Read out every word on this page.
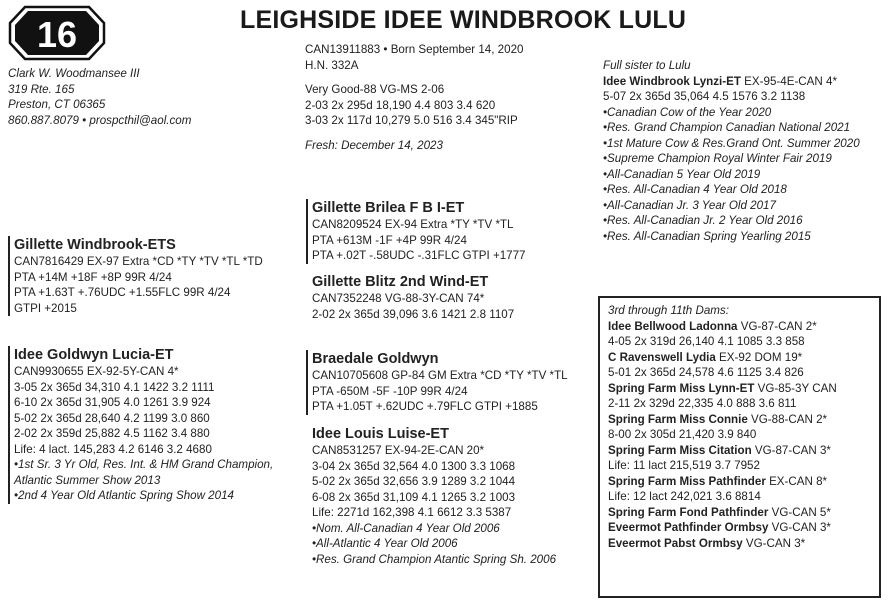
16	LEIGHSIDE IDEE WINDBROOK LULU
Clark W. Woodmansee III
319 Rte. 165
Preston, CT 06365
860.887.8079 • prospcthil@aol.com
CAN13911883 • Born September 14, 2020
H.N. 332A
Very Good-88 VG-MS 2-06
2-03 2x 295d 18,190 4.4 803 3.4 620
3-03 2x 117d 10,279 5.0 516 3.4 345"RIP
Fresh: December 14, 2023
Full sister to Lulu
Idee Windbrook Lynzi-ET EX-95-4E-CAN 4*
5-07 2x 365d 35,064 4.5 1576 3.2 1138
•Canadian Cow of the Year 2020
•Res. Grand Champion Canadian National 2021
•1st Mature Cow & Res.Grand Ont. Summer 2020
•Supreme Champion Royal Winter Fair 2019
•All-Canadian 5 Year Old 2019
•Res. All-Canadian 4 Year Old 2018
•All-Canadian Jr. 3 Year Old 2017
•Res. All-Canadian Jr. 2 Year Old 2016
•Res. All-Canadian Spring Yearling 2015
Gillette Windbrook-ETS
CAN7816429 EX-97 Extra *CD *TY *TV *TL *TD
PTA +14M +18F +8P 99R 4/24
PTA +1.63T +.76UDC +1.55FLC 99R 4/24
GTPI +2015
Gillette Brilea F B I-ET
CAN8209524 EX-94 Extra *TY *TV *TL
PTA +613M -1F +4P 99R 4/24
PTA +.02T -.58UDC -.31FLC GTPI +1777
Gillette Blitz 2nd Wind-ET
CAN7352248 VG-88-3Y-CAN 74*
2-02 2x 365d 39,096 3.6 1421 2.8 1107
Idee Goldwyn Lucia-ET
CAN9930655 EX-92-5Y-CAN 4*
3-05 2x 365d 34,310 4.1 1422 3.2 1111
6-10 2x 365d 31,905 4.0 1261 3.9 924
5-02 2x 365d 28,640 4.2 1199 3.0 860
2-02 2x 359d 25,882 4.5 1162 3.4 880
Life: 4 lact. 145,283 4.2 6146 3.2 4680
•1st Sr. 3 Yr Old, Res. Int. & HM Grand Champion,
Atlantic Summer Show 2013
•2nd 4 Year Old Atlantic Spring Show 2014
Braedale Goldwyn
CAN10705608 GP-84 GM Extra *CD *TY *TV *TL
PTA -650M -5F -10P 99R 4/24
PTA +1.05T +.62UDC +.79FLC GTPI +1885
Idee Louis Luise-ET
CAN8531257 EX-94-2E-CAN 20*
3-04 2x 365d 32,564 4.0 1300 3.3 1068
5-02 2x 365d 32,656 3.9 1289 3.2 1044
6-08 2x 365d 31,109 4.1 1265 3.2 1003
Life: 2271d 162,398 4.1 6612 3.3 5387
•Nom. All-Canadian 4 Year Old 2006
•All-Atlantic 4 Year Old 2006
•Res. Grand Champion Atantic Spring Sh. 2006
3rd through 11th Dams:
Idee Bellwood Ladonna VG-87-CAN 2*
4-05 2x 319d 26,140 4.1 1085 3.3 858
C Ravenswell Lydia EX-92 DOM 19*
5-01 2x 365d 24,578 4.6 1125 3.4 826
Spring Farm Miss Lynn-ET VG-85-3Y CAN
2-11 2x 329d 22,335 4.0 888 3.6 811
Spring Farm Miss Connie VG-88-CAN 2*
8-00 2x 305d 21,420 3.9 840
Spring Farm Miss Citation VG-87-CAN 3*
Life: 11 lact 215,519 3.7 7952
Spring Farm Miss Pathfinder EX-CAN 8*
Life: 12 lact 242,021 3.6 8814
Spring Farm Fond Pathfinder VG-CAN 5*
Eveermot Pathfinder Ormbsy VG-CAN 3*
Eveermot Pabst Ormbsy VG-CAN 3*
